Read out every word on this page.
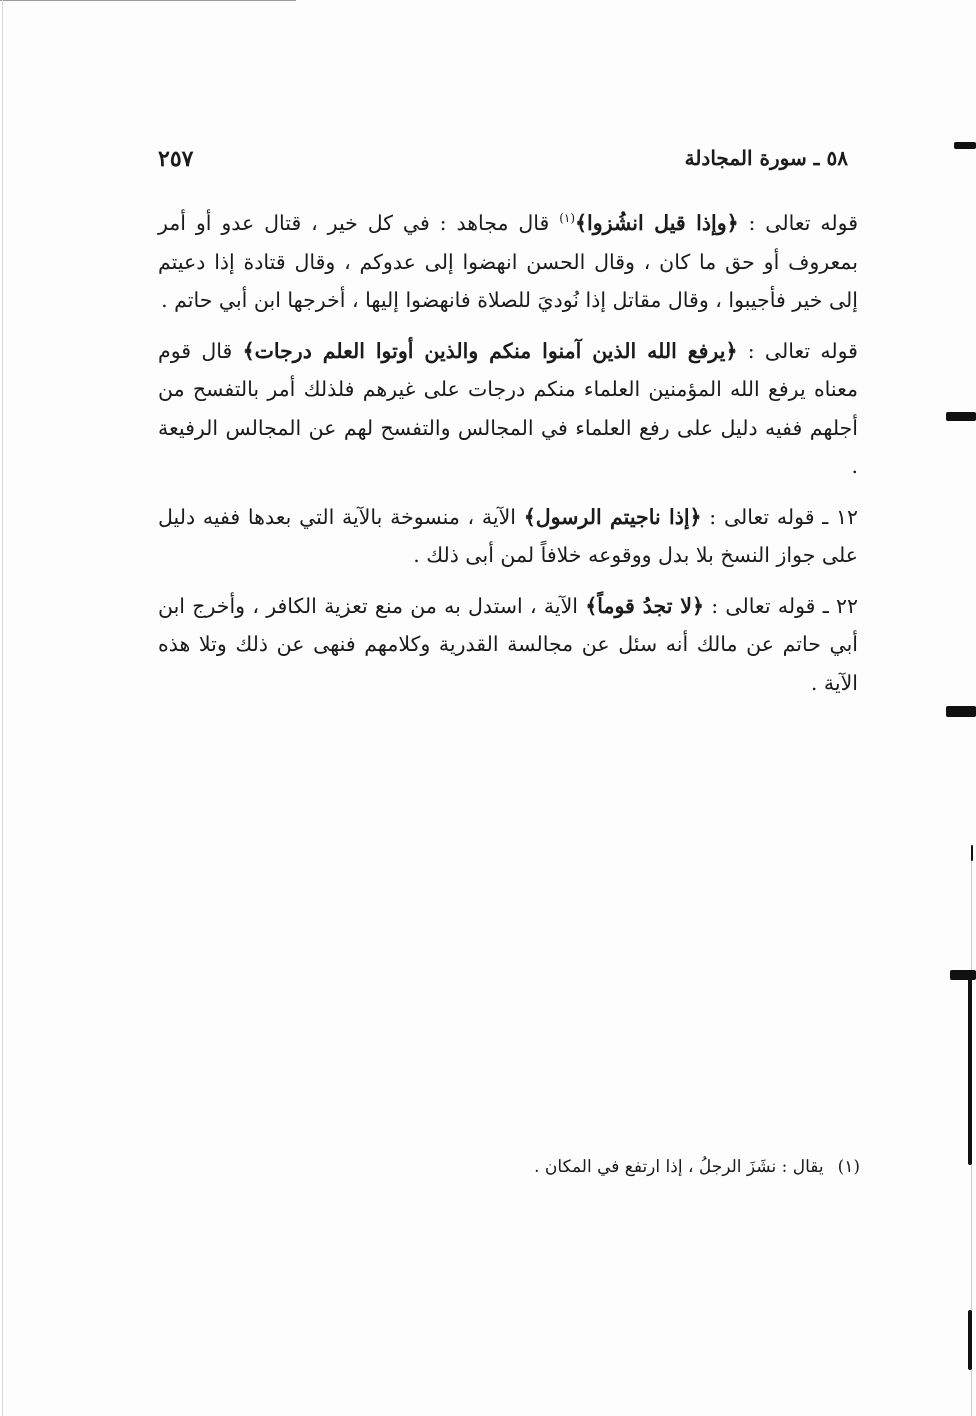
٥٨ ـ سورة المجادلة
٢٥٧

قوله تعالى : ﴿وإذا قيل انشُزوا﴾$^{(١)}$ قال مجاهد : في كل خير ، قتال عدو أو أمر بمعروف أو حق ما كان ، وقال الحسن انهضوا إلى عدوكم ، وقال قتادة إذا دعيتم إلى خير فأجيبوا ، وقال مقاتل إذا نُوديَ للصلاة فانهضوا إليها ، أخرجها ابن أبي حاتم .

قوله تعالى : ﴿يرفع الله الذين آمنوا منكم والذين أوتوا العلم درجات﴾ قال قوم معناه يرفع الله المؤمنين العلماء منكم درجات على غيرهم فلذلك أمر بالتفسح من أجلهم ففيه دليل على رفع العلماء في المجالس والتفسح لهم عن المجالس الرفيعة .

١٢ ـ قوله تعالى : ﴿إذا ناجيتم الرسول﴾ الآية ، منسوخة بالآية التي بعدها ففيه دليل على جواز النسخ بلا بدل ووقوعه خلافاً لمن أبى ذلك .

٢٢ ـ قوله تعالى : ﴿لا تجدُ قوماً﴾ الآية ، استدل به من منع تعزية الكافر ، وأخرج ابن أبي حاتم عن مالك أنه سئل عن مجالسة القدرية وكلامهم فنهى عن ذلك وتلا هذه الآية .

(١)يقال : نشَزَ الرجلُ ، إذا ارتفع في المكان .
